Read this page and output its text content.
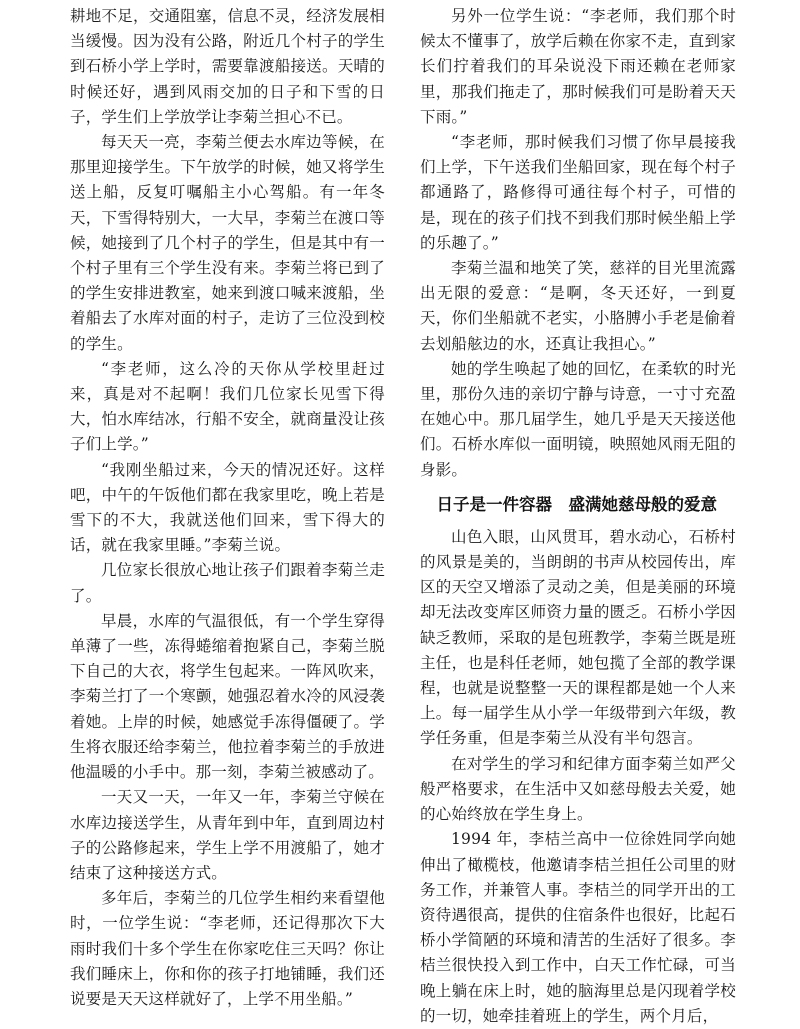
耕地不足，交通阻塞，信息不灵，经济发展相当缓慢。因为没有公路，附近几个村子的学生到石桥小学上学时，需要靠渡船接送。天晴的时候还好，遇到风雨交加的日子和下雪的日子，学生们上学放学让李菊兰担心不已。

每天天一亮，李菊兰便去水库边等候，在那里迎接学生。下午放学的时候，她又将学生送上船，反复叮嘱船主小心驾船。有一年冬天，下雪得特别大，一大早，李菊兰在渡口等候，她接到了几个村子的学生，但是其中有一个村子里有三个学生没有来。李菊兰将已到了的学生安排进教室，她来到渡口喊来渡船，坐着船去了水库对面的村子，走访了三位没到校的学生。

“李老师，这么冷的天你从学校里赶过来，真是对不起啊！我们几位家长见雪下得大，怕水库结冰，行船不安全，就商量没让孩子们上学。”

“我刚坐船过来，今天的情况还好。这样吧，中午的午饭他们都在我家里吃，晚上若是雪下的不大，我就送他们回来，雪下得大的话，就在我家里睡。”李菊兰说。

几位家长很放心地让孩子们跟着李菊兰走了。

早晨，水库的气温很低，有一个学生穿得单薄了一些，冻得蜷缩着抱紧自己，李菊兰脱下自己的大衣，将学生包起来。一阵风吹来，李菊兰打了一个寒颤，她强忍着水冷的风浸袭着她。上岸的时候，她感觉手冻得僵硬了。学生将衣服还给李菊兰，他拉着李菊兰的手放进他温暖的小手中。那一刻，李菊兰被感动了。

一天又一天，一年又一年，李菊兰守候在水库边接送学生，从青年到中年，直到周边村子的公路修起来，学生上学不用渡船了，她才结束了这种接送方式。

多年后，李菊兰的几位学生相约来看望他时，一位学生说：“李老师，还记得那次下大雨时我们十多个学生在你家吃住三天吗？你让我们睡床上，你和你的孩子打地铺睡，我们还说要是天天这样就好了，上学不用坐船。”

另外一位学生说：“李老师，我们那个时候太不懂事了，放学后赖在你家不走，直到家长们拧着我们的耳朵说没下雨还赖在老师家里，那我们拖走了，那时候我们可是盼着天天下雨。”

“李老师，那时候我们习惯了你早晨接我们上学，下午送我们坐船回家，现在每个村子都通路了，路修得可通往每个村子，可惜的是，现在的孩子们找不到我们那时候坐船上学的乐趣了。”

李菊兰温和地笑了笑，慈祥的目光里流露出无限的爱意：“是啊，冬天还好，一到夏天，你们坐船就不老实，小胳膊小手老是偷着去划船舷边的水，还真让我担心。”

她的学生唤起了她的回忆，在柔软的时光里，那份久违的亲切宁静与诗意，一寸寸充盈在她心中。那几届学生，她几乎是天天接送他们。石桥水库似一面明镜，映照她风雨无阻的身影。

日子是一件容器　盛满她慈母般的爱意

山色入眼，山风贯耳，碧水动心，石桥村的风景是美的，当朗朗的书声从校园传出，库区的天空又增添了灵动之美，但是美丽的环境却无法改变库区师资力量的匮乏。石桥小学因缺乏教师，采取的是包班教学，李菊兰既是班主任，也是科任老师，她包揽了全部的教学课程，也就是说整整一天的课程都是她一个人来上。每一届学生从小学一年级带到六年级，教学任务重，但是李菊兰从没有半句怨言。

在对学生的学习和纪律方面李菊兰如严父般严格要求，在生活中又如慈母般去关爱，她的心始终放在学生身上。

1994 年，李桔兰高中一位徐姓同学向她伸出了橄榄枝，他邀请李桔兰担任公司里的财务工作，并兼管人事。李桔兰的同学开出的工资待遇很高，提供的住宿条件也很好，比起石桥小学简陋的环境和清苦的生活好了很多。李桔兰很快投入到工作中，白天工作忙碌，可当晚上躺在床上时，她的脑海里总是闪现着学校的一切，她牵挂着班上的学生，两个月后，
